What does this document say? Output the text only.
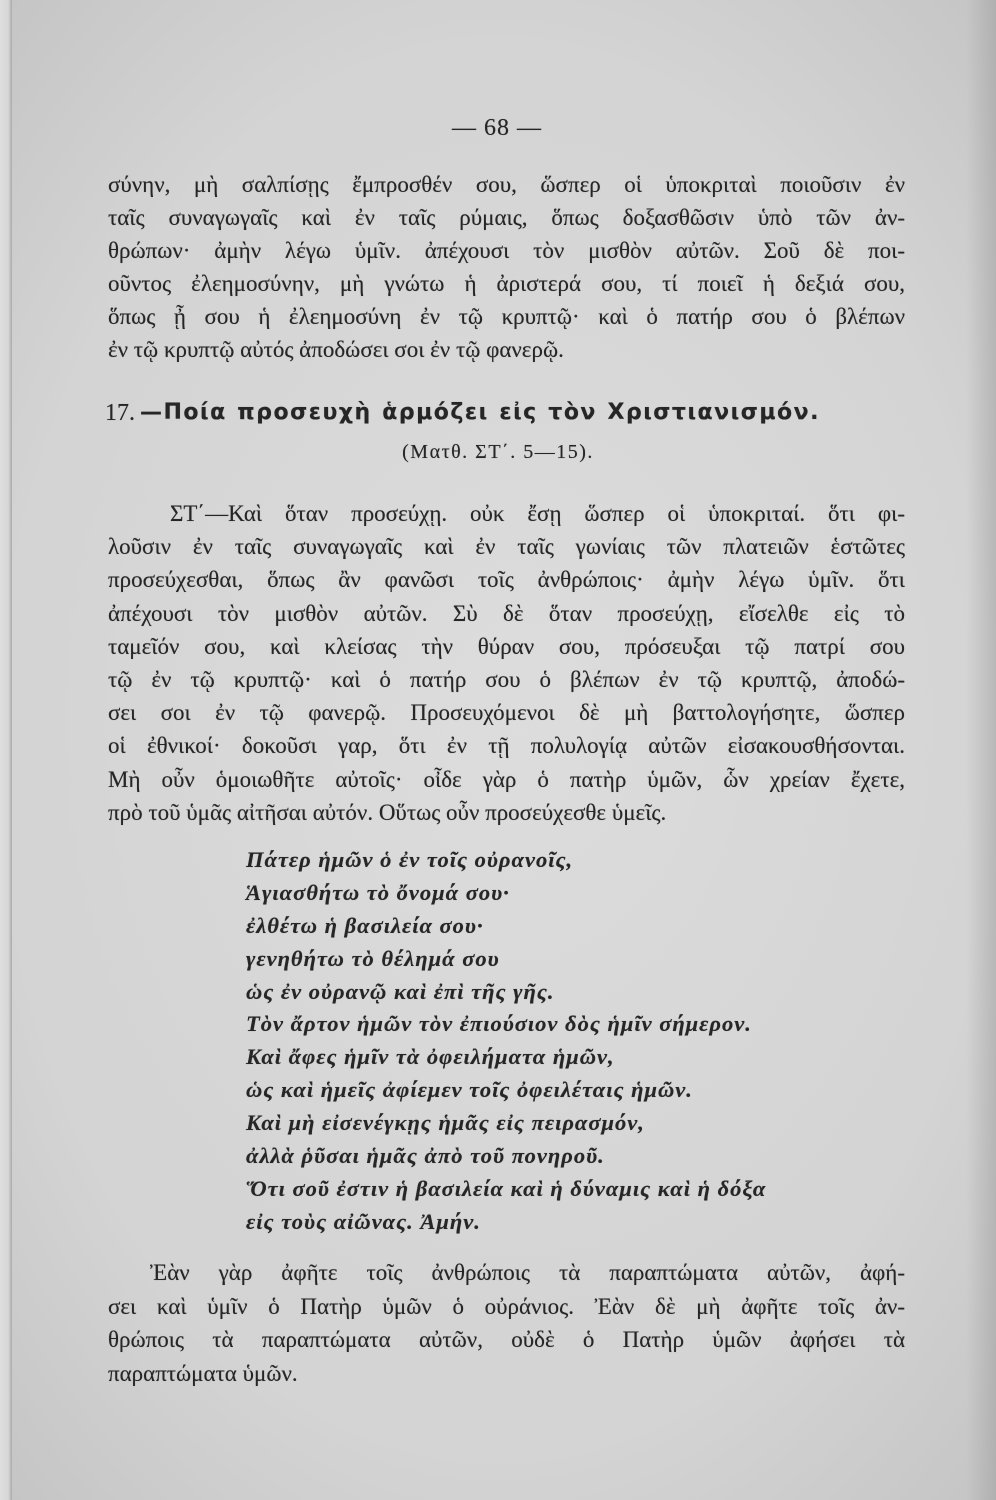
— 68 —
σύνην, μὴ σαλπίσῃς ἔμπροσθέν σου, ὥσπερ οἱ ὑποκριταὶ ποιοῦσιν ἐν
ταῖς συναγωγαῖς καὶ ἐν ταῖς ρύμαις, ὅπως δοξασθῶσιν ὑπὸ τῶν ἀν-
θρώπων· ἀμὴν λέγω ὑμῖν. ἀπέχουσι τὸν μισθὸν αὐτῶν. Σοῦ δὲ ποι-
οῦντος ἐλεημοσύνην, μὴ γνώτω ἡ ἀριστερά σου, τί ποιεῖ ἡ δεξιά σου,
ὅπως ᾖ σου ἡ ἐλεημοσύνη ἐν τῷ κρυπτῷ· καὶ ὁ πατήρ σου ὁ βλέπων
ἐν τῷ κρυπτῷ αὐτός ἀποδώσει σοι ἐν τῷ φανερῷ.
17. —Ποία προσευχὴ ἁρμόζει εἰς τὸν Χριστιανισμόν.
(Ματθ. ΣΤ΄. 5—15).
ΣΤ΄—Καὶ ὅταν προσεύχῃ. οὐκ ἔσῃ ὥσπερ οἱ ὑποκριταί. ὅτι φι-
λοῦσιν ἐν ταῖς συναγωγαῖς καὶ ἐν ταῖς γωνίαις τῶν πλατειῶν ἑστῶτες
προσεύχεσθαι, ὅπως ἂν φανῶσι τοῖς ἀνθρώποις· ἀμὴν λέγω ὑμῖν. ὅτι
ἀπέχουσι τὸν μισθὸν αὐτῶν. Σὺ δὲ ὅταν προσεύχῃ, εἴσελθε εἰς τὸ
ταμεῖόν σου, καὶ κλείσας τὴν θύραν σου, πρόσευξαι τῷ πατρί σου
τῷ ἐν τῷ κρυπτῷ· καὶ ὁ πατήρ σου ὁ βλέπων ἐν τῷ κρυπτῷ, ἀποδώ-
σει σοι ἐν τῷ φανερῷ. Προσευχόμενοι δὲ μὴ βαττολογήσητε, ὥσπερ
οἱ ἐθνικοί· δοκοῦσι γαρ, ὅτι ἐν τῇ πολυλογίᾳ αὐτῶν εἰσακουσθήσονται.
Μὴ οὖν ὁμοιωθῆτε αὐτοῖς· οἶδε γὰρ ὁ πατὴρ ὑμῶν, ὧν χρείαν ἔχετε,
πρὸ τοῦ ὑμᾶς αἰτῆσαι αὐτόν. Οὕτως οὖν προσεύχεσθε ὑμεῖς.
Πάτερ ἡμῶν ὁ ἐν τοῖς οὐρανοῖς,
Ἁγιασθήτω τὸ ὄνομά σου·
ἐλθέτω ἡ βασιλεία σου·
γενηθήτω τὸ θέλημά σου
ὡς ἐν οὐρανῷ καὶ ἐπὶ τῆς γῆς.
Τὸν ἄρτον ἡμῶν τὸν ἐπιούσιον δὸς ἡμῖν σήμερον.
Καὶ ἄφες ἡμῖν τὰ ὀφειλήματα ἡμῶν,
ὡς καὶ ἡμεῖς ἀφίεμεν τοῖς ὀφειλέταις ἡμῶν.
Καὶ μὴ εἰσενέγκῃς ἡμᾶς εἰς πειρασμόν,
ἀλλὰ ῥῦσαι ἡμᾶς ἀπὸ τοῦ πονηροῦ.
Ὅτι σοῦ ἐστιν ἡ βασιλεία καὶ ἡ δύναμις καὶ ἡ δόξα
εἰς τοὺς αἰῶνας. Ἀμήν.
Ἐὰν γὰρ ἀφῆτε τοῖς ἀνθρώποις τὰ παραπτώματα αὐτῶν, ἀφή-
σει καὶ ὑμῖν ὁ Πατὴρ ὑμῶν ὁ οὐράνιος. Ἐὰν δὲ μὴ ἀφῆτε τοῖς ἀν-
θρώποις τὰ παραπτώματα αὐτῶν, οὐδὲ ὁ Πατὴρ ὑμῶν ἀφήσει τὰ
παραπτώματα ὑμῶν.
